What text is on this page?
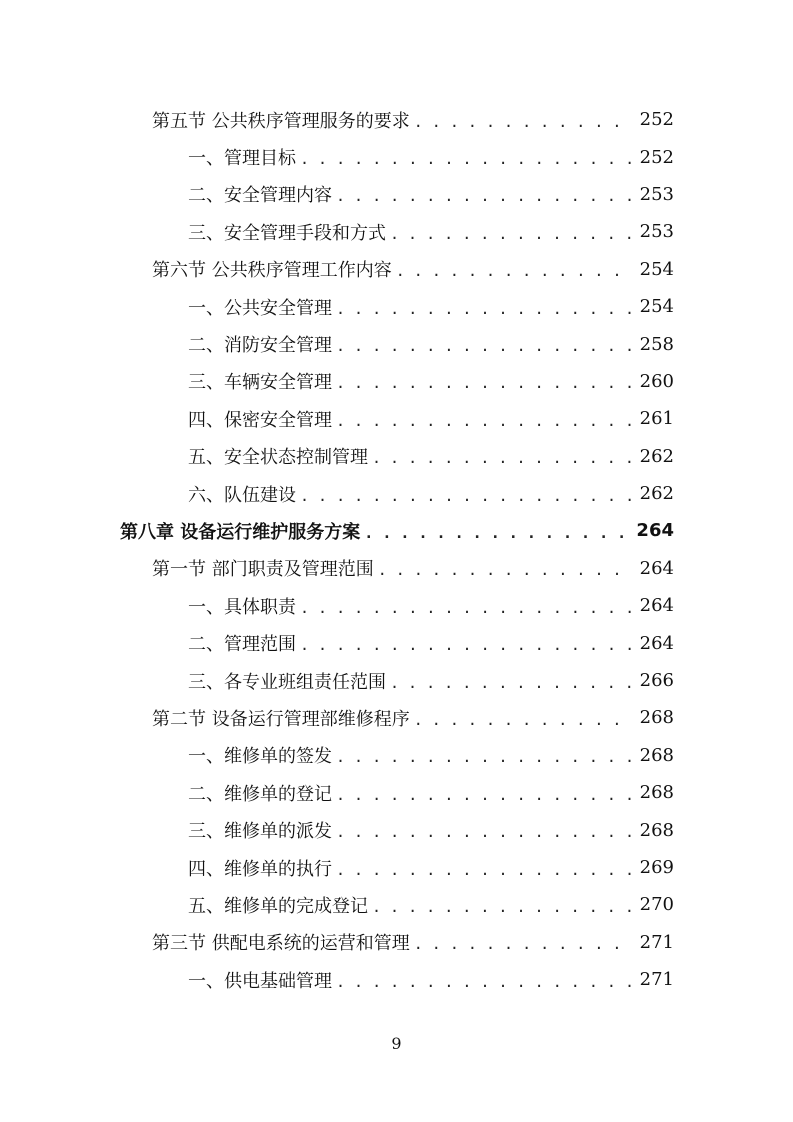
第五节 公共秩序管理服务的要求 . . .	252
一、管理目标 . . .	252
二、安全管理内容 . . .	253
三、安全管理手段和方式 . . .	253
第六节 公共秩序管理工作内容 . . .	254
一、公共安全管理 . . .	254
二、消防安全管理 . . .	258
三、车辆安全管理 . . .	260
四、保密安全管理 . . .	261
五、安全状态控制管理 . . .	262
六、队伍建设 . . .	262
第八章 设备运行维护服务方案 . . .	264
第一节 部门职责及管理范围 . . .	264
一、具体职责 . . .	264
二、管理范围 . . .	264
三、各专业班组责任范围 . . .	266
第二节 设备运行管理部维修程序 . . .	268
一、维修单的签发 . . .	268
二、维修单的登记 . . .	268
三、维修单的派发 . . .	268
四、维修单的执行 . . .	269
五、维修单的完成登记 . . .	270
第三节 供配电系统的运营和管理 . . .	271
一、供电基础管理 . . .	271
9
